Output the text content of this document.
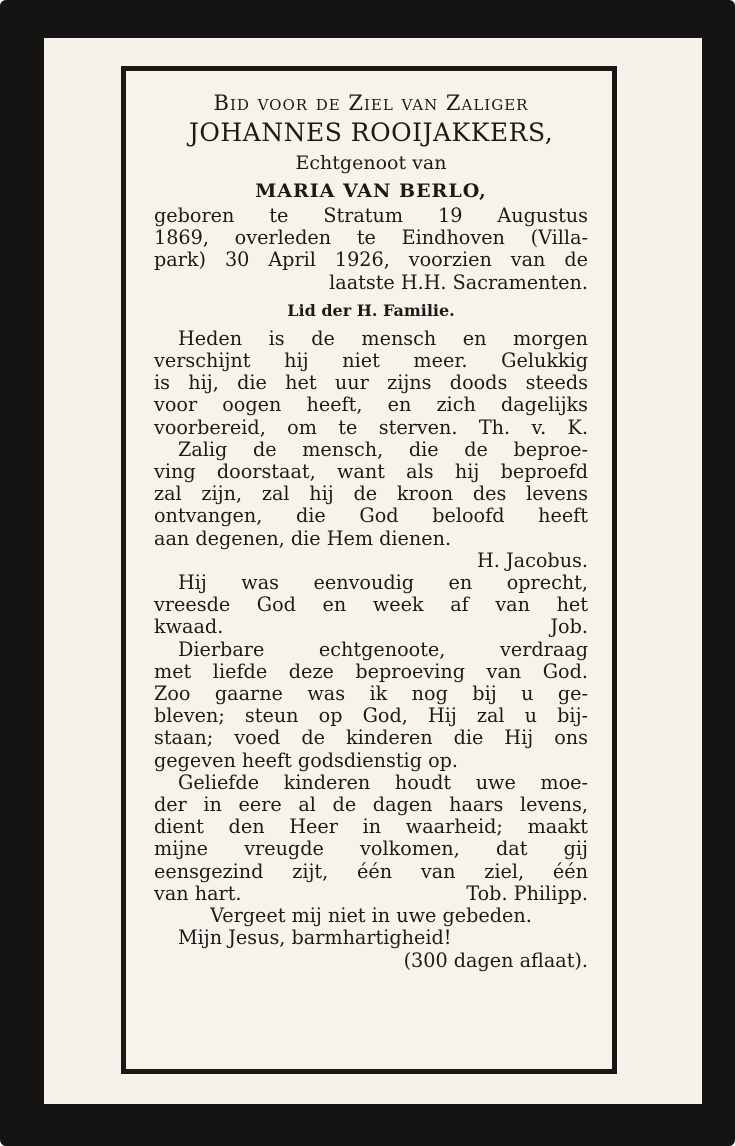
Bid voor de Ziel van Zaliger
JOHANNES ROOIJAKKERS,
Echtgenoot van
MARIA VAN BERLO,
geboren te Stratum 19 Augustus
1869, overleden te Eindhoven (Villa-
park) 30 April 1926, voorzien van de
laatste H.H. Sacramenten.
Lid der H. Familie.
Heden is de mensch en morgen
verschijnt hij niet meer. Gelukkig
is hij, die het uur zijns doods steeds
voor oogen heeft, en zich dagelijks
voorbereid, om te sterven. Th. v. K.
Zalig de mensch, die de beproe-
ving doorstaat, want als hij beproefd
zal zijn, zal hij de kroon des levens
ontvangen, die God beloofd heeft
aan degenen, die Hem dienen.
H. Jacobus.
Hij was eenvoudig en oprecht,
vreesde God en week af van het
kwaad.	Job.
Dierbare echtgenoote, verdraag
met liefde deze beproeving van God.
Zoo gaarne was ik nog bij u ge-
bleven; steun op God, Hij zal u bij-
staan; voed de kinderen die Hij ons
gegeven heeft godsdienstig op.
Geliefde kinderen houdt uwe moe-
der in eere al de dagen haars levens,
dient den Heer in waarheid; maakt
mijne vreugde volkomen, dat gij
eensgezind zijt, één van ziel, één
van hart.	Tob. Philipp.
Vergeet mij niet in uwe gebeden.
Mijn Jesus, barmhartigheid!
(300 dagen aflaat).
